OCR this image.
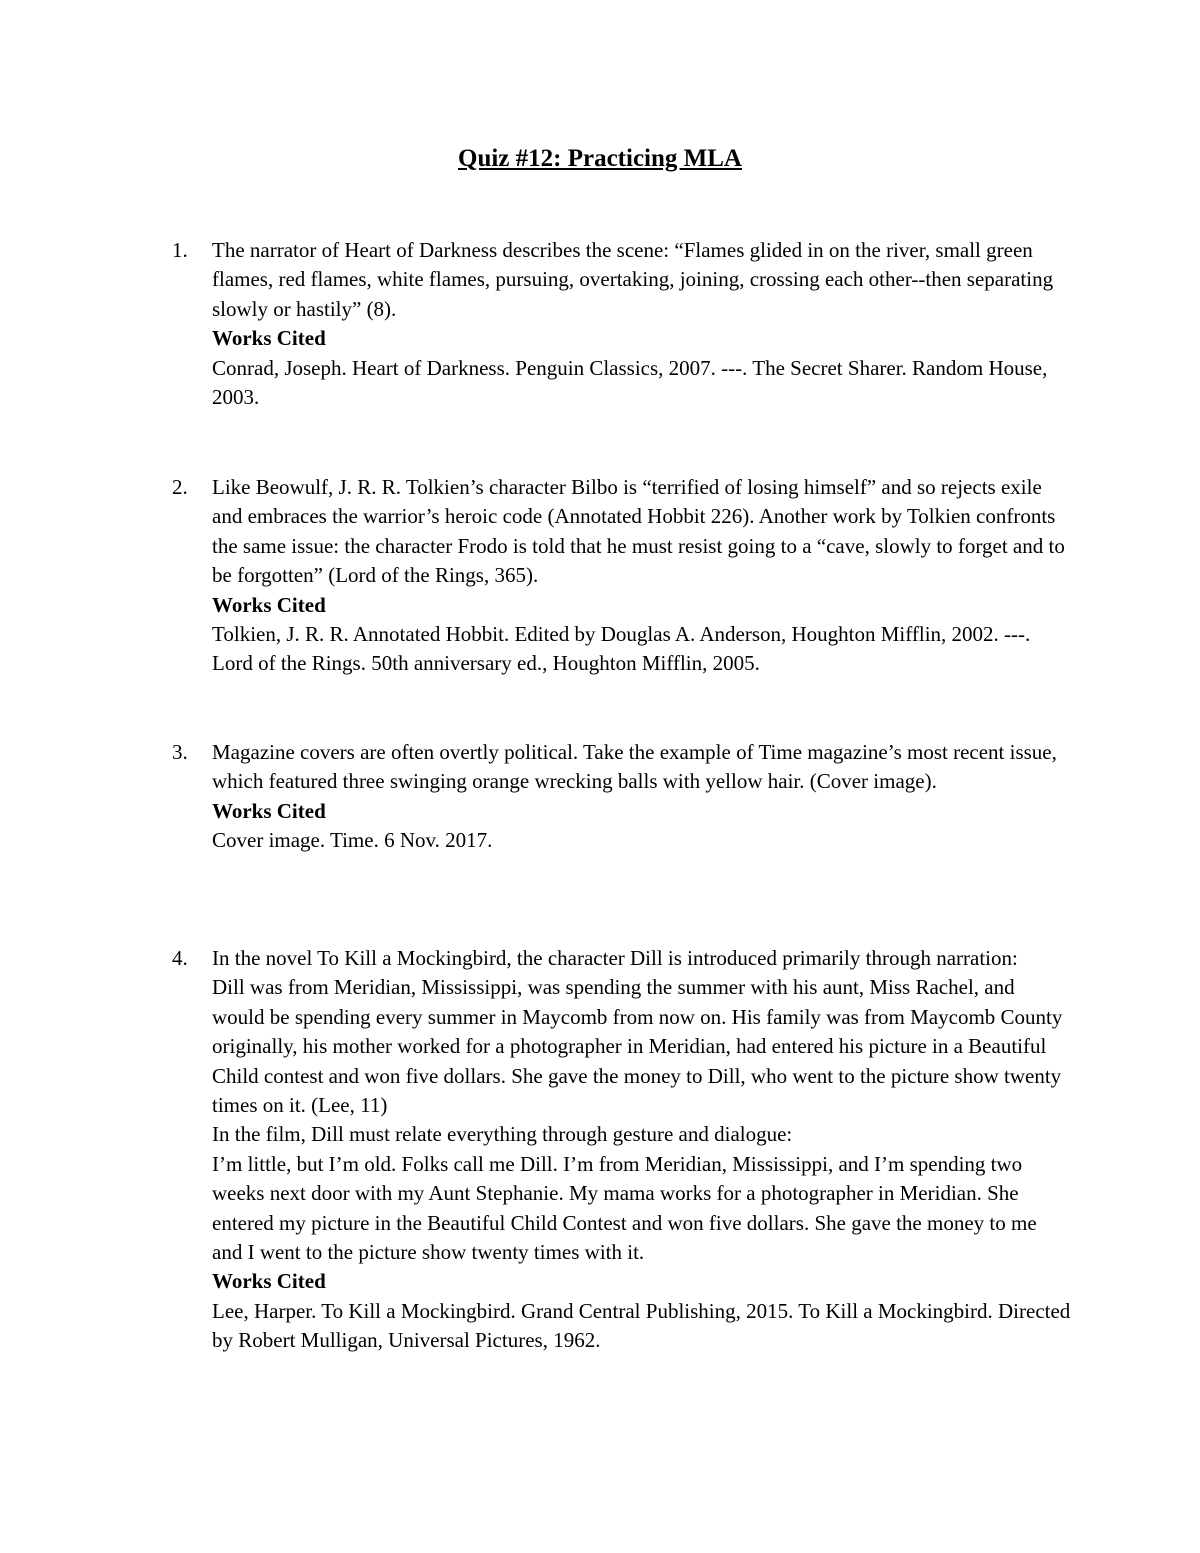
Quiz #12: Practicing MLA
1.	The narrator of Heart of Darkness describes the scene: “Flames glided in on the river, small green flames, red flames, white flames, pursuing, overtaking, joining, crossing each other--then separating slowly or hastily” (8).

Works Cited

Conrad, Joseph. Heart of Darkness. Penguin Classics, 2007. ---. The Secret Sharer. Random House, 2003.

2.	Like Beowulf, J. R. R. Tolkien’s character Bilbo is “terrified of losing himself” and so rejects exile and embraces the warrior’s heroic code (Annotated Hobbit 226). Another work by Tolkien confronts the same issue: the character Frodo is told that he must resist going to a “cave, slowly to forget and to be forgotten” (Lord of the Rings, 365).

Works Cited

Tolkien, J. R. R. Annotated Hobbit. Edited by Douglas A. Anderson, Houghton Mifflin, 2002. ---. Lord of the Rings. 50th anniversary ed., Houghton Mifflin, 2005.

3.	Magazine covers are often overtly political. Take the example of Time magazine’s most recent issue, which featured three swinging orange wrecking balls with yellow hair. (Cover image).

Works Cited

Cover image. Time. 6 Nov. 2017.

4.	In the novel To Kill a Mockingbird, the character Dill is introduced primarily through narration:

Dill was from Meridian, Mississippi, was spending the summer with his aunt, Miss Rachel, and would be spending every summer in Maycomb from now on. His family was from Maycomb County originally, his mother worked for a photographer in Meridian, had entered his picture in a Beautiful Child contest and won five dollars. She gave the money to Dill, who went to the picture show twenty times on it. (Lee, 11)

In the film, Dill must relate everything through gesture and dialogue:

I’m little, but I’m old. Folks call me Dill. I’m from Meridian, Mississippi, and I’m spending two weeks next door with my Aunt Stephanie. My mama works for a photographer in Meridian. She entered my picture in the Beautiful Child Contest and won five dollars. She gave the money to me and I went to the picture show twenty times with it.

Works Cited

Lee, Harper. To Kill a Mockingbird. Grand Central Publishing, 2015. To Kill a Mockingbird. Directed by Robert Mulligan, Universal Pictures, 1962.
